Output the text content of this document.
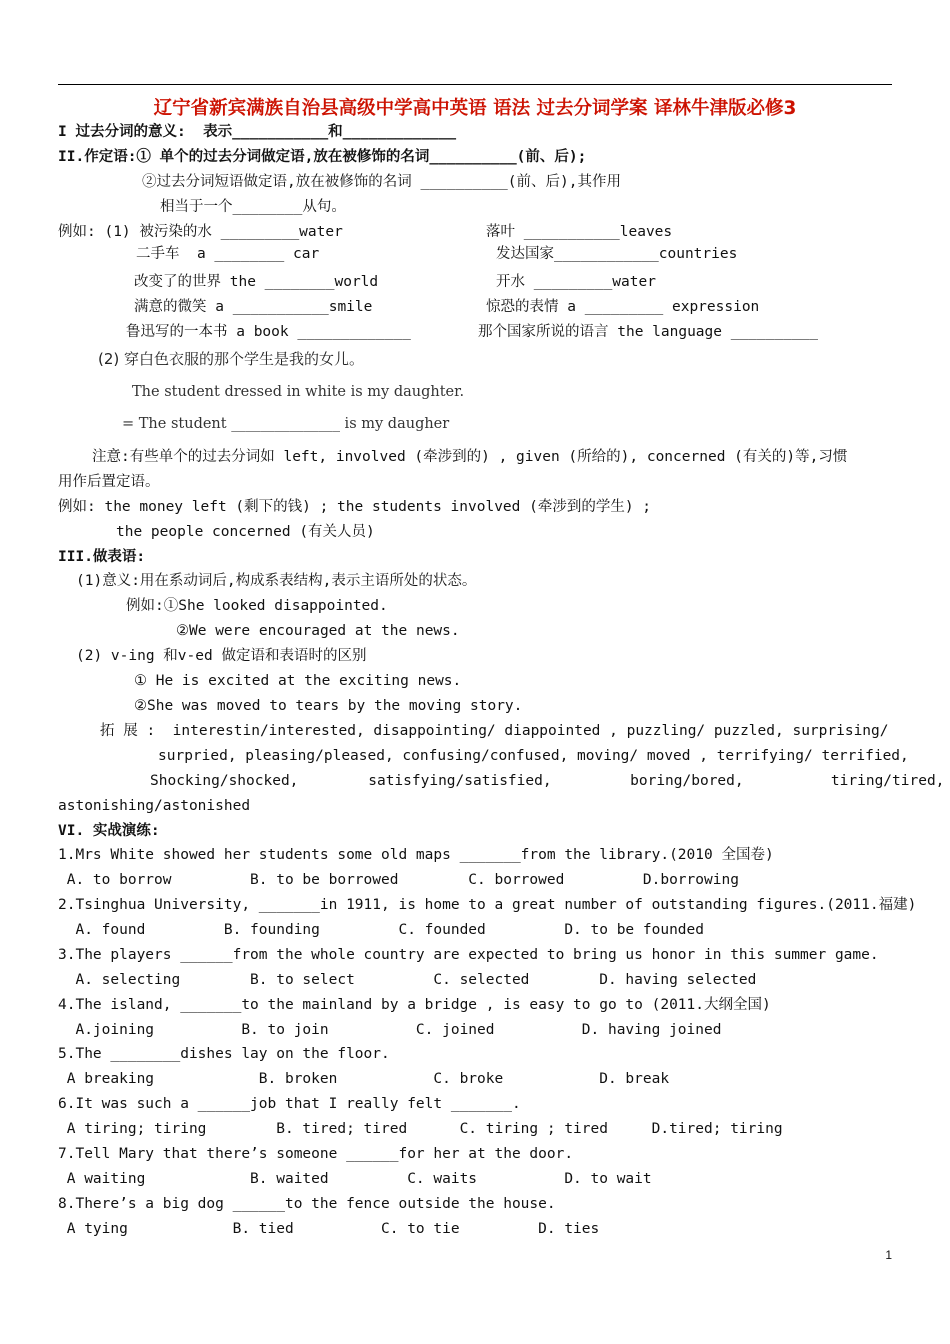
辽宁省新宾满族自治县高级中学高中英语 语法 过去分词学案 译林牛津版必修3
I 过去分词的意义:  表示___________和_____________
II.作定语:① 单个的过去分词做定语,放在被修饰的名词__________(前、后);
②过去分词短语做定语,放在被修饰的名词 __________(前、后),其作用
相当于一个________从句。
例如: (1) 被污染的水 _________water	落叶 ___________leaves
二手车  a ________ car	发达国家____________countries
改变了的世界 the ________world	开水 _________water
满意的微笑 a ___________smile	惊恐的表情 a _________ expression
鲁迅写的一本书 a book _____________	那个国家所说的语言 the language __________
(2) 穿白色衣服的那个学生是我的女儿。
The student dressed in white is my daughter.
= The student _______________ is my daugher
注意:有些单个的过去分词如 left, involved (牵涉到的) , given (所给的), concerned (有关的)等,习惯
用作后置定语。
例如: the money left (剩下的钱) ; the students involved (牵涉到的学生) ;
the people concerned (有关人员)
III.做表语:
(1)意义:用在系动词后,构成系表结构,表示主语所处的状态。
例如:①She looked disappointed.
②We were encouraged at the news.
(2) v-ing 和v-ed 做定语和表语时的区别
① He is excited at the exciting news.
②She was moved to tears by the moving story.
拓 展 :  interestin/interested, disappointing/ diappointed , puzzling/ puzzled, surprising/
surpried, pleasing/pleased, confusing/confused, moving/ moved , terrifying/ terrified,
Shocking/shocked,        satisfying/satisfied,         boring/bored,          tiring/tired,
astonishing/astonished
VI. 实战演练:
1.Mrs White showed her students some old maps _______from the library.(2010 全国卷)
A. to borrow         B. to be borrowed        C. borrowed         D.borrowing
2.Tsinghua University, _______in 1911, is home to a great number of outstanding figures.(2011.福建)
A. found         B. founding         C. founded         D. to be founded
3.The players ______from the whole country are expected to bring us honor in this summer game.
A. selecting        B. to select         C. selected        D. having selected
4.The island, _______to the mainland by a bridge , is easy to go to (2011.大纲全国)
A.joining          B. to join          C. joined          D. having joined
5.The ________dishes lay on the floor.
A breaking            B. broken           C. broke           D. break
6.It was such a ______job that I really felt _______.
A tiring; tiring        B. tired; tired      C. tiring ; tired     D.tired; tiring
7.Tell Mary that there’s someone ______for her at the door.
A waiting            B. waited         C. waits          D. to wait
8.There’s a big dog ______to the fence outside the house.
A tying            B. tied          C. to tie         D. ties
1
